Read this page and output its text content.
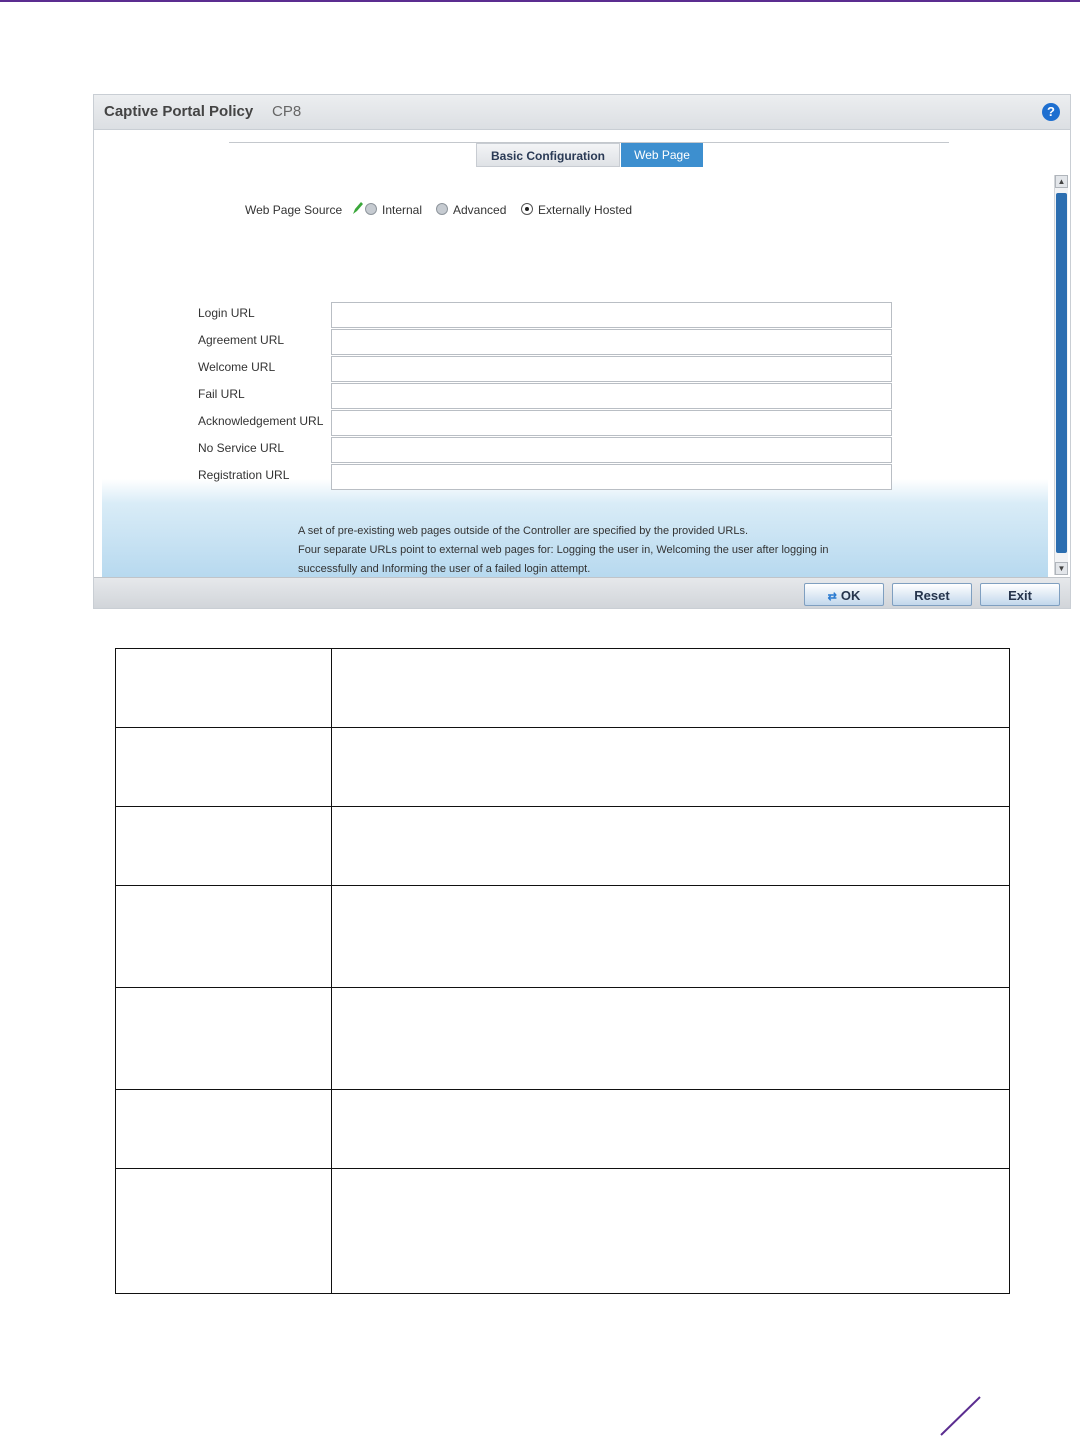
Captive Portal Policy CP8	?
Basic Configuration	Web Page
Web Page Source	Internal	Advanced	Externally Hosted
Login URL
Agreement URL
Welcome URL
Fail URL
Acknowledgement URL
A set of pre-existing web pages outside of the Controller are specified by the provided URLs.
Four separate URLs point to external web pages for: Logging the user in, Welcoming the user after logging in
successfully and Informing the user of a failed login attempt.
No Service URL
Registration URL
▲
▼
⇄ OK	Reset	Exit
